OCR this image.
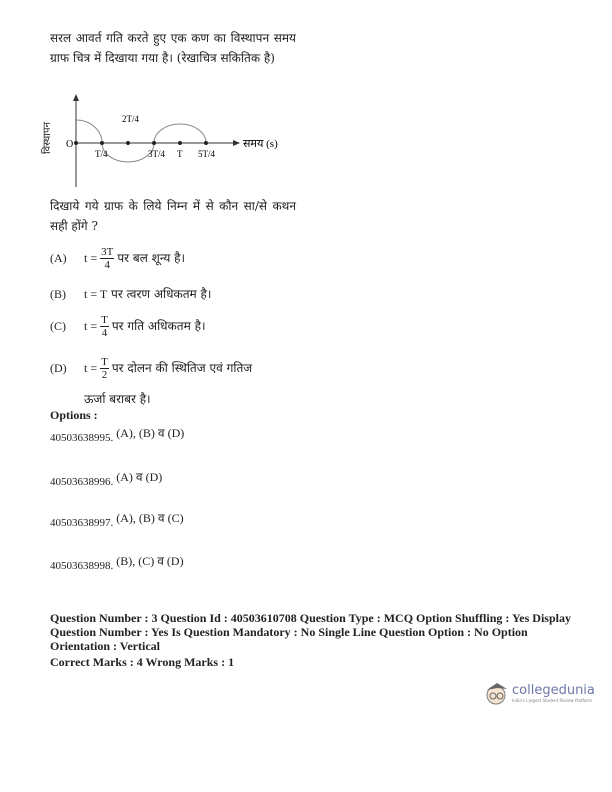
सरल आवर्त गति करते हुए एक कण का विस्थापन समय ग्राफ चित्र में दिखाया गया है। (रेखाचित्र सकितिक है)
विस्थापन O	समय (s)
2T/4
T/4	3T/4 T 5T/4
दिखाये गये ग्राफ के लिये निम्न में से कौन सा/से कथन सही होंगे ?
(A) $t = \frac{3T}{4}$ पर बल शून्य है।
(B) t = T पर त्वरण अधिकतम है।
(C) $t = \frac{T}{4}$ पर गति अधिकतम है।
(D) $t = \frac{T}{2}$ पर दोलन की स्थितिज एवं गतिज
ऊर्जा बराबर है।
Options :
40503638995. (A), (B) व (D)
40503638996. (A) व (D)
40503638997. (A), (B) व (C)
40503638998. (B), (C) व (D)
Question Number : 3 Question Id : 40503610708 Question Type : MCQ Option Shuffling : Yes Display
Question Number : Yes Is Question Mandatory : No Single Line Question Option : No Option
Orientation : Vertical
Correct Marks : 4 Wrong Marks : 1
collegedunia
India's Largest Student Review Platform
